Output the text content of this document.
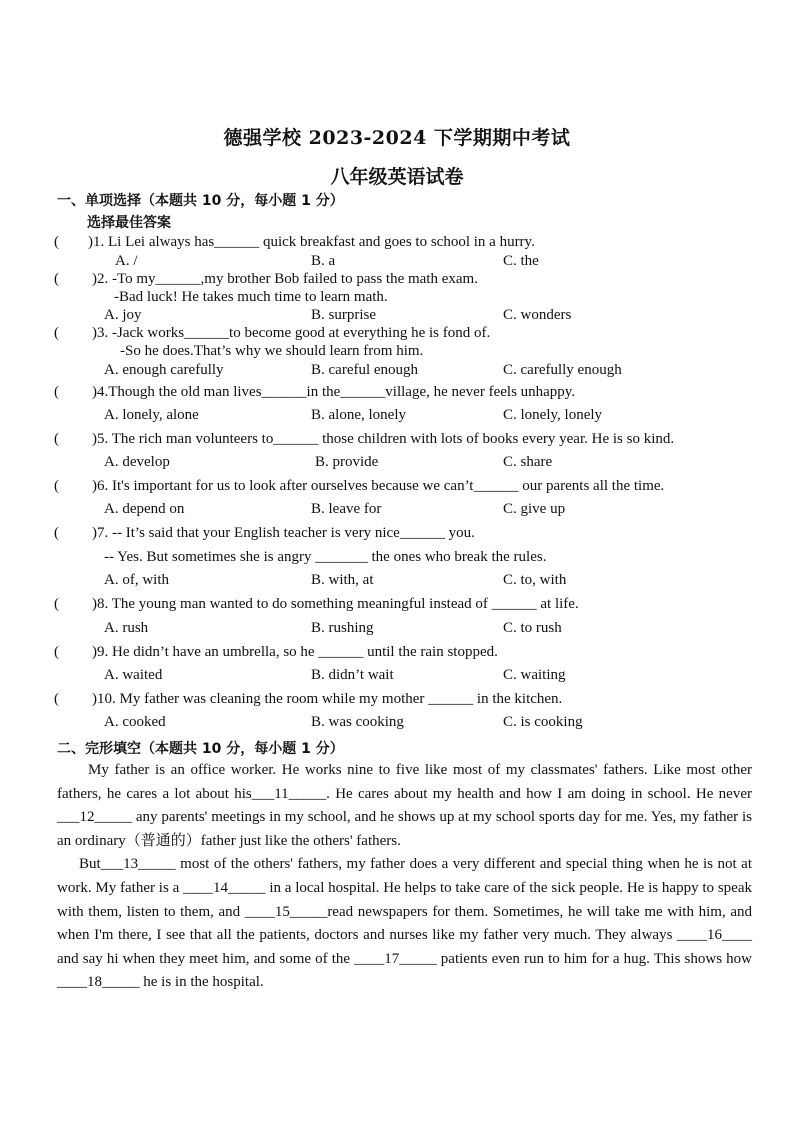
德强学校 2023-2024 下学期期中考试
八年级英语试卷
一、单项选择（本题共 10 分，每小题 1 分）
选择最佳答案
( )1. Li Lei always has______ quick breakfast and goes to school in a hurry.
A. /	B. a	C. the
( )2. -To my______,my brother Bob failed to pass the math exam.
-Bad luck! He takes much time to learn math.
A. joy	B. surprise	C. wonders
( )3. -Jack works______to become good at everything he is fond of.
-So he does.That’s why we should learn from him.
A. enough carefully	B. careful enough	C. carefully enough
( )4.Though the old man lives______in the______village, he never feels unhappy.
A. lonely, alone	B. alone, lonely	C. lonely, lonely
( )5. The rich man volunteers to______ those children with lots of books every year. He is so kind.
A. develop	B. provide	C. share
( )6. It's important for us to look after ourselves because we can’t______ our parents all the time.
A. depend on	B. leave for	C. give up
( )7. -- It’s said that your English teacher is very nice______ you.
-- Yes. But sometimes she is angry _______ the ones who break the rules.
A. of, with	B. with, at	C. to, with
( )8. The young man wanted to do something meaningful instead of ______ at life.
A. rush	B. rushing	C. to rush
( )9. He didn’t have an umbrella, so he ______ until the rain stopped.
A. waited	B. didn’t wait	C. waiting
( )10. My father was cleaning the room while my mother ______ in the kitchen.
A. cooked	B. was cooking	C. is cooking
二、完形填空（本题共 10 分，每小题 1 分）

My father is an office worker. He works nine to five like most of my classmates' fathers. Like most other fathers, he cares a lot about his___11_____. He cares about my health and how I am doing in school. He never ___12_____ any parents' meetings in my school, and he shows up at my school sports day for me. Yes, my father is an ordinary（普通的）father just like the others' fathers.

But___13_____ most of the others' fathers, my father does a very different and special thing when he is not at work. My father is a ____14_____ in a local hospital. He helps to take care of the sick people. He is happy to speak with them, listen to them, and ____15_____read newspapers for them. Sometimes, he will take me with him, and when I'm there, I see that all the patients, doctors and nurses like my father very much. They always ____16____ and say hi when they meet him, and some of the ____17_____ patients even run to him for a hug. This shows how ____18_____ he is in the hospital.
